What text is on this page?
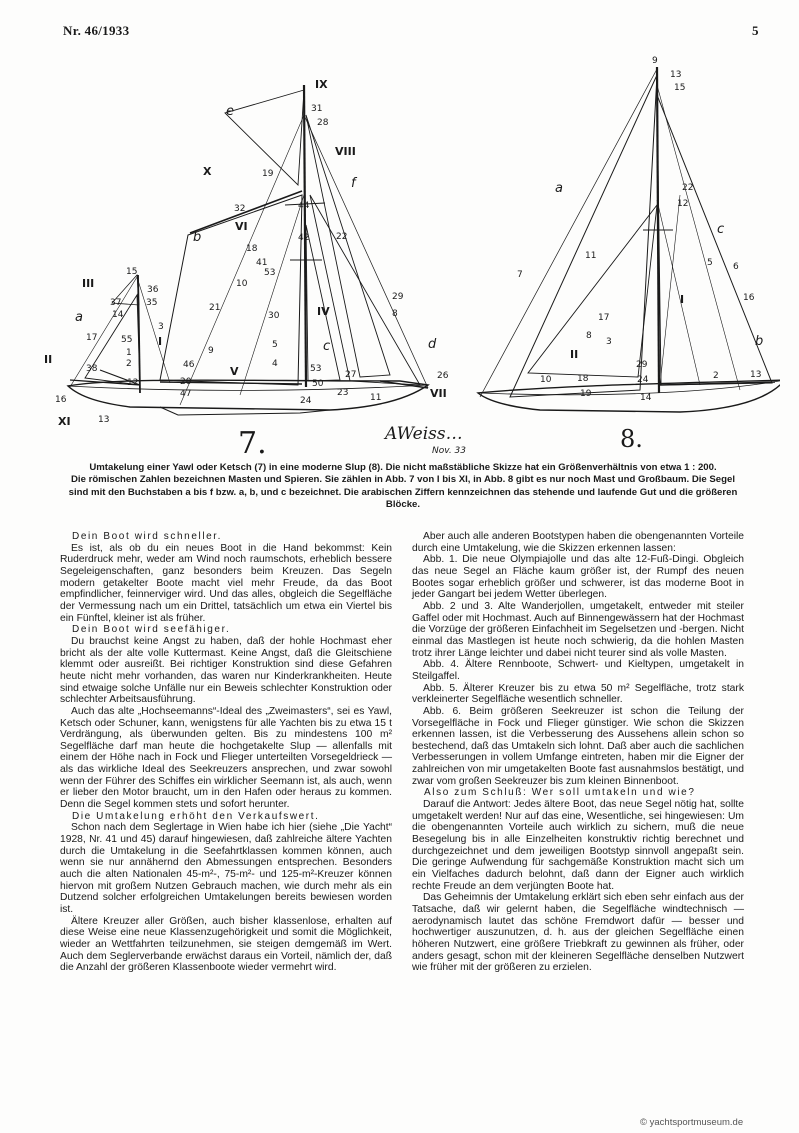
Nr. 46/1933	5
I
II
III
IV
V
VI
VII
VIII
IX
X
XI
a
b
c	d
e
f
31
28
19
44
32
18
41
53
42	22
10
21
9
30
5
4
46	53
50
24
23 11
27
29
8
26
15
36
35
37
14
17	55
1
2
38
12
16
13
20
47
3
a
b
c
I
II
9
13
15
22
12
7
11
17
8
3
5 6
16
29
24
18
19	14
10	2	13
7.	8.
AWeiss…
Nov. 33

Umtakelung einer Yawl oder Ketsch (7) in eine moderne Slup (8). Die nicht maßstäbliche Skizze hat ein Größenverhältnis von etwa 1 : 200.

Die römischen Zahlen bezeichnen Masten und Spieren. Sie zählen in Abb. 7 von I bis XI, in Abb. 8 gibt es nur noch Mast und Großbaum. Die Segel sind mit den Buchstaben a bis f bzw. a, b, und c bezeichnet. Die arabischen Ziffern kennzeichnen das stehende und laufende Gut und die größeren Blöcke.

Dein Boot wird schneller.

Es ist, als ob du ein neues Boot in die Hand bekommst: Kein Ruderdruck mehr, weder am Wind noch raumschots, erheblich bessere Segeleigenschaften, ganz besonders beim Kreuzen. Das Segeln modern getakelter Boote macht viel mehr Freude, da das Boot empfindlicher, feinnerviger wird. Und das alles, obgleich die Segelfläche der Vermessung nach um ein Drittel, tatsächlich um etwa ein Viertel bis ein Fünftel, kleiner ist als früher.

Dein Boot wird seefähiger.

Du brauchst keine Angst zu haben, daß der hohle Hochmast eher bricht als der alte volle Kuttermast. Keine Angst, daß die Gleitschiene klemmt oder ausreißt. Bei richtiger Konstruktion sind diese Gefahren heute nicht mehr vorhanden, das waren nur Kinderkrankheiten. Heute sind etwaige solche Unfälle nur ein Beweis schlechter Konstruktion oder schlechter Arbeitsausführung.

Auch das alte „Hochseemanns“-Ideal des „Zweimasters“, sei es Yawl, Ketsch oder Schuner, kann, wenigstens für alle Yachten bis zu etwa 15 t Verdrängung, als überwunden gelten. Bis zu mindestens 100 m² Segelfläche darf man heute die hochgetakelte Slup — allenfalls mit einem der Höhe nach in Fock und Flieger unterteilten Vorsegeldrieck — als das wirkliche Ideal des Seekreuzers ansprechen, und zwar sowohl wenn der Führer des Schiffes ein wirklicher Seemann ist, als auch, wenn er lieber den Motor braucht, um in den Hafen oder heraus zu kommen. Denn die Segel kommen stets und sofort herunter.

Die Umtakelung erhöht den Verkaufswert.

Schon nach dem Seglertage in Wien habe ich hier (siehe „Die Yacht“ 1928, Nr. 41 und 45) darauf hingewiesen, daß zahlreiche ältere Yachten durch die Umtakelung in die Seefahrtklassen kommen können, auch wenn sie nur annähernd den Abmessungen entsprechen. Besonders auch die alten Nationalen 45-m²-, 75-m²- und 125-m²-Kreuzer können hiervon mit großem Nutzen Gebrauch machen, wie durch mehr als ein Dutzend solcher erfolgreichen Umtakelungen bereits bewiesen worden ist.

Ältere Kreuzer aller Größen, auch bisher klassenlose, erhalten auf diese Weise eine neue Klassenzugehörigkeit und somit die Möglichkeit, wieder an Wettfahrten teilzunehmen, sie steigen demgemäß im Wert. Auch dem Seglerverbande erwächst daraus ein Vorteil, nämlich der, daß die Anzahl der größeren Klassenboote wieder vermehrt wird.

Aber auch alle anderen Bootstypen haben die obengenannten Vorteile durch eine Umtakelung, wie die Skizzen erkennen lassen:

Abb. 1. Die neue Olympiajolle und das alte 12-Fuß-Dingi. Obgleich das neue Segel an Fläche kaum größer ist, der Rumpf des neuen Bootes sogar erheblich größer und schwerer, ist das moderne Boot in jeder Gangart bei jedem Wetter überlegen.

Abb. 2 und 3. Alte Wanderjollen, umgetakelt, entweder mit steiler Gaffel oder mit Hochmast. Auch auf Binnengewässern hat der Hochmast die Vorzüge der größeren Einfachheit im Segelsetzen und -bergen. Nicht einmal das Mastlegen ist heute noch schwierig, da die hohlen Masten trotz ihrer Länge leichter und dabei nicht teurer sind als volle Masten.

Abb. 4. Ältere Rennboote, Schwert- und Kieltypen, umgetakelt in Steilgaffel.

Abb. 5. Älterer Kreuzer bis zu etwa 50 m² Segelfläche, trotz stark verkleinerter Segelfläche wesentlich schneller.

Abb. 6. Beim größeren Seekreuzer ist schon die Teilung der Vorsegelfläche in Fock und Flieger günstiger. Wie schon die Skizzen erkennen lassen, ist die Verbesserung des Aussehens allein schon so bestechend, daß das Umtakeln sich lohnt. Daß aber auch die sachlichen Verbesserungen in vollem Umfange eintreten, haben mir die Eigner der zahlreichen von mir umgetakelten Boote fast ausnahmslos bestätigt, und zwar vom großen Seekreuzer bis zum kleinen Binnenboot.

Also zum Schluß: Wer soll umtakeln und wie?

Darauf die Antwort: Jedes ältere Boot, das neue Segel nötig hat, sollte umgetakelt werden! Nur auf das eine, Wesentliche, sei hingewiesen: Um die obengenannten Vorteile auch wirklich zu sichern, muß die neue Besegelung bis in alle Einzelheiten konstruktiv richtig berechnet und durchgezeichnet und dem jeweiligen Bootstyp sinnvoll angepaßt sein. Die geringe Aufwendung für sachgemäße Konstruktion macht sich um ein Vielfaches dadurch belohnt, daß dann der Eigner auch wirklich rechte Freude an dem verjüngten Boote hat.

Das Geheimnis der Umtakelung erklärt sich eben sehr einfach aus der Tatsache, daß wir gelernt haben, die Segelfläche windtechnisch — aerodynamisch lautet das schöne Fremdwort dafür — besser und hochwertiger auszunutzen, d. h. aus der gleichen Segelfläche einen höheren Nutzwert, eine größere Triebkraft zu gewinnen als früher, oder anders gesagt, schon mit der kleineren Segelfläche denselben Nutzwert wie früher mit der größeren zu erzielen.

© yachtsportmuseum.de
